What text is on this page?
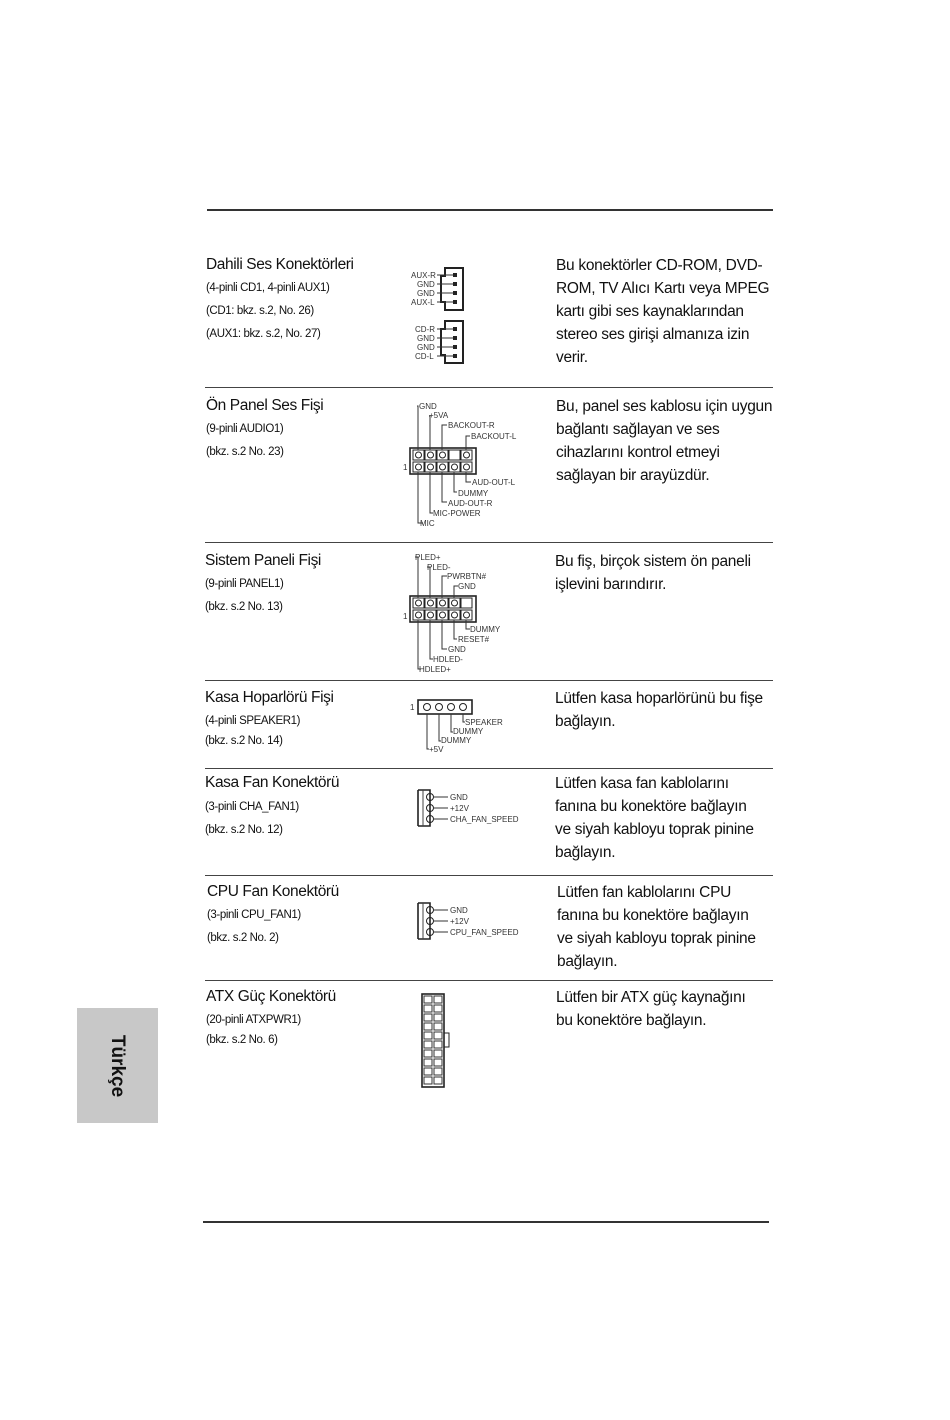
Dahili Ses Konektörleri
(4-pinli CD1, 4-pinli AUX1)
(CD1: bkz. s.2, No. 26)
(AUX1: bkz. s.2, No. 27)
Bu konektörler CD-ROM, DVD-
ROM, TV Alıcı Kartı veya MPEG
kartı gibi ses kaynaklarından
stereo ses girişi almanıza izin
verir.
AUX-R
GND
GND
AUX-L
CD-R
GND
GND
CD-L
Ön Panel Ses Fişi
(9-pinli AUDIO1)
(bkz. s.2 No. 23)
Bu, panel ses kablosu için uygun
bağlantı sağlayan ve ses
cihazlarını kontrol etmeyi
sağlayan bir arayüzdür.
GND
+5VA
BACKOUT-R
BACKOUT-L
1
AUD-OUT-L
DUMMY
AUD-OUT-R
MIC-POWER
MIC
Sistem Paneli Fişi
(9-pinli PANEL1)
(bkz. s.2 No. 13)
Bu fiş, birçok sistem ön paneli
işlevini barındırır.
PLED+
PLED-
PWRBTN#
GND
1
DUMMY
RESET#
GND
HDLED-
HDLED+
Kasa Hoparlörü Fişi
(4-pinli SPEAKER1)
(bkz. s.2 No. 14)
Lütfen kasa hoparlörünü bu fişe
bağlayın.
1
SPEAKER
DUMMY
DUMMY
+5V
Kasa Fan Konektörü
(3-pinli CHA_FAN1)
(bkz. s.2 No. 12)
Lütfen kasa fan kablolarını
fanına bu konektöre bağlayın
ve siyah kabloyu toprak pinine
bağlayın.
GND
+12V
CHA_FAN_SPEED
CPU Fan Konektörü
(3-pinli CPU_FAN1)
(bkz. s.2 No. 2)
Lütfen fan kablolarını CPU
fanına bu konektöre bağlayın
ve siyah kabloyu toprak pinine
bağlayın.
GND
+12V
CPU_FAN_SPEED
ATX Güç Konektörü
(20-pinli ATXPWR1)
(bkz. s.2 No. 6)
Lütfen bir ATX güç kaynağını
bu konektöre bağlayın.
Türkçe
